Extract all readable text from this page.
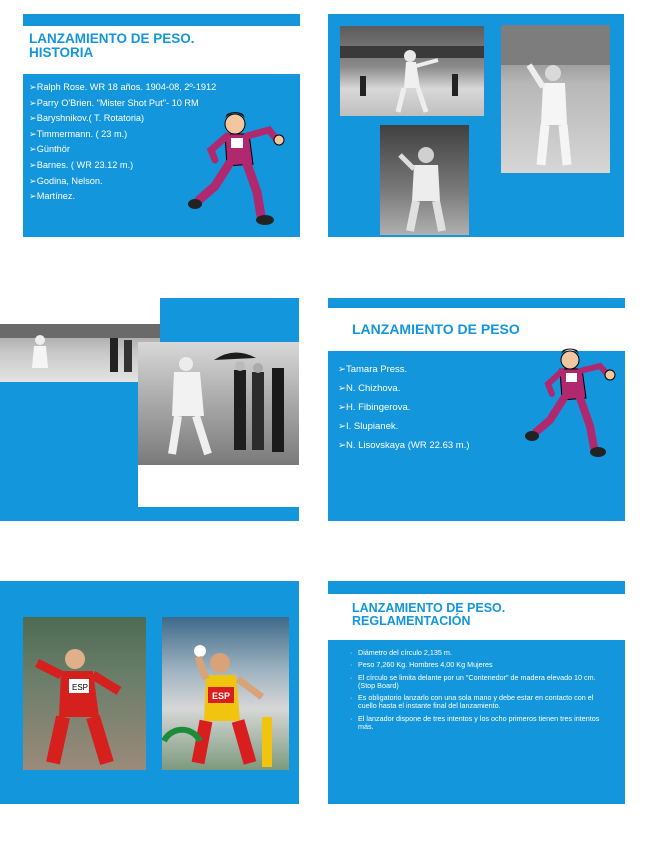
LANZAMIENTO DE PESO.
HISTORIA
➢Ralph Rose. WR 18 años. 1904-08, 2º-1912
➢Parry O'Brien. "Mister Shot Put"- 10 RM
➢Baryshnikov.( T. Rotatoria)
➢Timmermann. ( 23 m.)
➢Günthör
➢Barnes. ( WR 23.12 m.)
➢Godina, Nelson.
➢Martínez.
LANZAMIENTO DE PESO
➢Tamara Press.
➢N. Chizhova.
➢H. Fibingerova.
➢I. Slupianek.
➢N. Lisovskaya (WR 22.63 m.)
ESP
ESP
LANZAMIENTO DE PESO.
REGLAMENTACIÓN
· Diámetro del círculo 2,135 m.
· Peso 7,260 Kg. Hombres 4,00 Kg Mujeres
· El círculo se limita delante por un "Contenedor" de madera elevado 10 cm. (Stop Board)
· Es obligatorio lanzarlo con una sola mano y debe estar en contacto con el cuello hasta el instante final del lanzamiento.
· El lanzador dispone de tres intentos y los ocho primeros tienen tres intentos más.
